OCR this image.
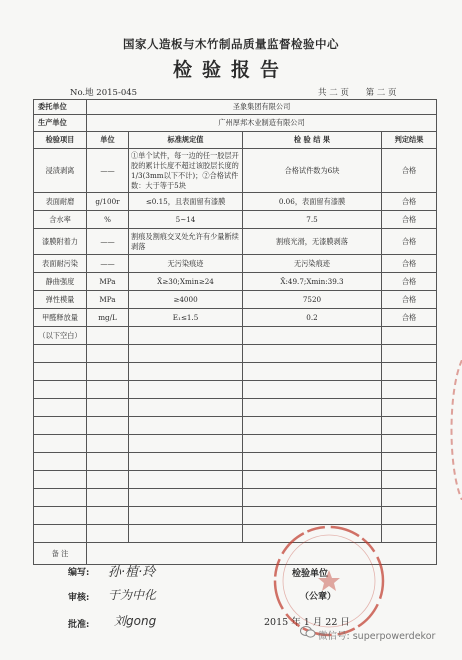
国家人造板与木竹制品质量监督检验中心
检验报告
No.地 2015-045	共 二 页 第 二 页
委托单位	圣象集团有限公司			
生产单位	广州厚邦木业制造有限公司			
检验项目	单位	标准规定值	检 验 结 果	判定结果
浸渍剥离	——	①单个试件，每一边的任一胶层开胶的累计长度不超过该胶层长度的1/3(3mm以下不计)；②合格试件数：大于等于5块	合格试件数为6块	合格
表面耐磨	g/100r	≤0.15，且表面留有漆膜	0.06，表面留有漆膜	合格
含水率	%	5~14	7.5	合格
漆膜附着力	——	割痕及割痕交叉处允许有少量断续剥落	割痕光滑，无漆膜剥落	合格
表面耐污染	——	无污染痕迹	无污染痕迹	合格
静曲强度	MPa	X̄≥30;Xmin≥24	X̄:49.7;Xmin:39.3	合格
弹性模量	MPa	≥4000	7520	合格
甲醛释放量	mg/L	E₁≤1.5	0.2	合格
（以下空白）				

备 注				
编写: 孙·植·玲
审核: 于为中化
批准: 刘gong
检验单位
（公章）
2015 年 1 月 22 日
微信号: superpowerdekor
